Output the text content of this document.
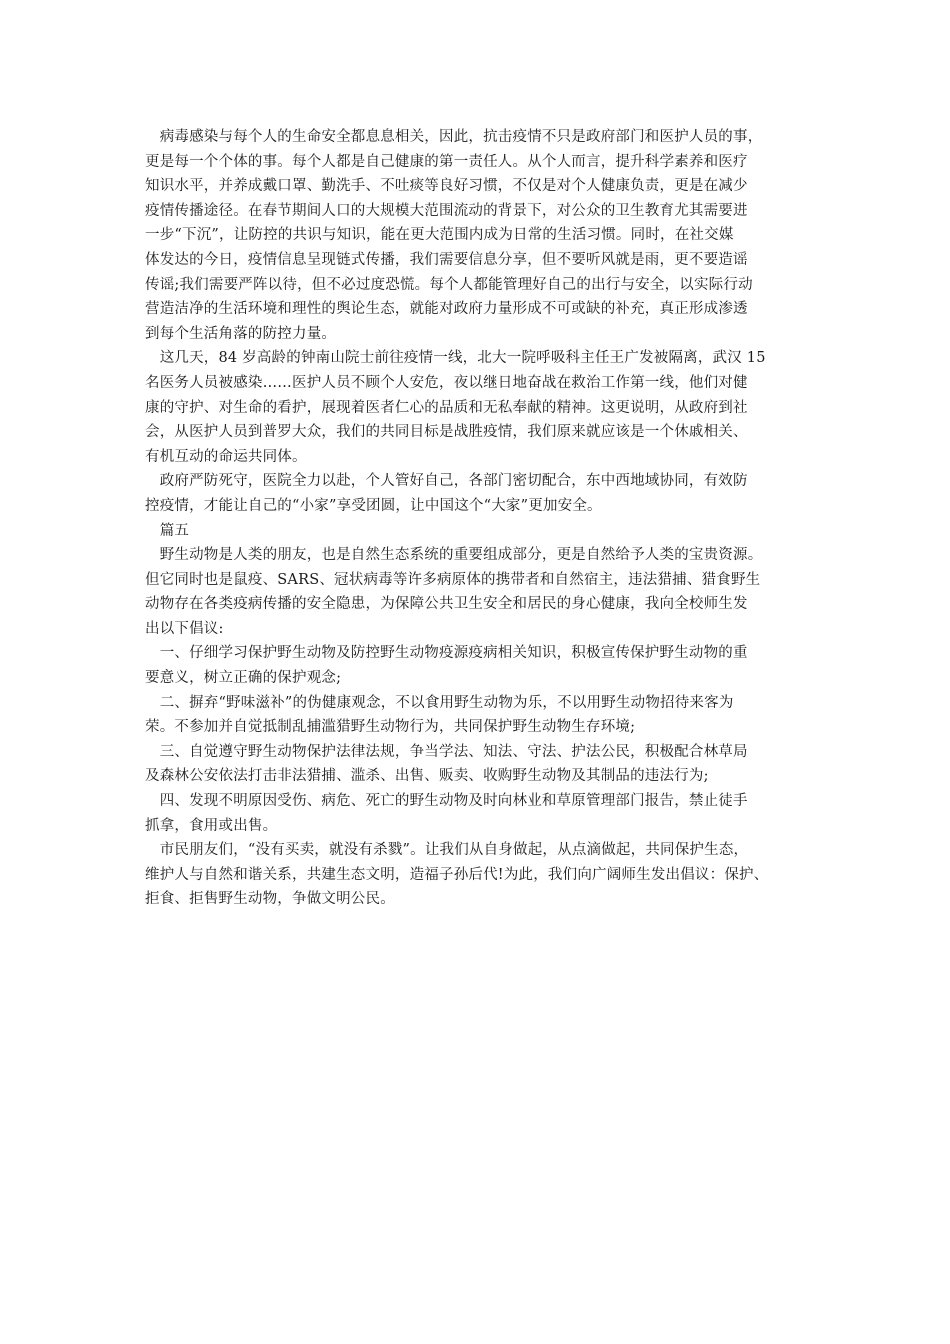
　病毒感染与每个人的生命安全都息息相关，因此，抗击疫情不只是政府部门和医护人员的事，
更是每一个个体的事。每个人都是自己健康的第一责任人。从个人而言，提升科学素养和医疗
知识水平，并养成戴口罩、勤洗手、不吐痰等良好习惯，不仅是对个人健康负责，更是在减少
疫情传播途径。在春节期间人口的大规模大范围流动的背景下，对公众的卫生教育尤其需要进
一步“下沉”，让防控的共识与知识，能在更大范围内成为日常的生活习惯。同时，在社交媒
体发达的今日，疫情信息呈现链式传播，我们需要信息分享，但不要听风就是雨，更不要造谣
传谣;我们需要严阵以待，但不必过度恐慌。每个人都能管理好自己的出行与安全，以实际行动
营造洁净的生活环境和理性的舆论生态，就能对政府力量形成不可或缺的补充，真正形成渗透
到每个生活角落的防控力量。
　这几天，84 岁高龄的钟南山院士前往疫情一线，北大一院呼吸科主任王广发被隔离，武汉 15
名医务人员被感染……医护人员不顾个人安危，夜以继日地奋战在救治工作第一线，他们对健
康的守护、对生命的看护，展现着医者仁心的品质和无私奉献的精神。这更说明，从政府到社
会，从医护人员到普罗大众，我们的共同目标是战胜疫情，我们原来就应该是一个休戚相关、
有机互动的命运共同体。
　政府严防死守，医院全力以赴，个人管好自己，各部门密切配合，东中西地域协同，有效防
控疫情，才能让自己的“小家”享受团圆，让中国这个“大家”更加安全。
　篇五
　野生动物是人类的朋友，也是自然生态系统的重要组成部分，更是自然给予人类的宝贵资源。
但它同时也是鼠疫、SARS、冠状病毒等许多病原体的携带者和自然宿主，违法猎捕、猎食野生
动物存在各类疫病传播的安全隐患，为保障公共卫生安全和居民的身心健康，我向全校师生发
出以下倡议:
　一、仔细学习保护野生动物及防控野生动物疫源疫病相关知识，积极宣传保护野生动物的重
要意义，树立正确的保护观念;
　二、摒弃“野味滋补”的伪健康观念，不以食用野生动物为乐，不以用野生动物招待来客为
荣。不参加并自觉抵制乱捕滥猎野生动物行为，共同保护野生动物生存环境;
　三、自觉遵守野生动物保护法律法规，争当学法、知法、守法、护法公民，积极配合林草局
及森林公安依法打击非法猎捕、滥杀、出售、贩卖、收购野生动物及其制品的违法行为;
　四、发现不明原因受伤、病危、死亡的野生动物及时向林业和草原管理部门报告，禁止徒手
抓拿，食用或出售。
　市民朋友们，“没有买卖，就没有杀戮”。让我们从自身做起，从点滴做起，共同保护生态，
维护人与自然和谐关系，共建生态文明，造福子孙后代!为此，我们向广阔师生发出倡议：保护、
拒食、拒售野生动物，争做文明公民。
